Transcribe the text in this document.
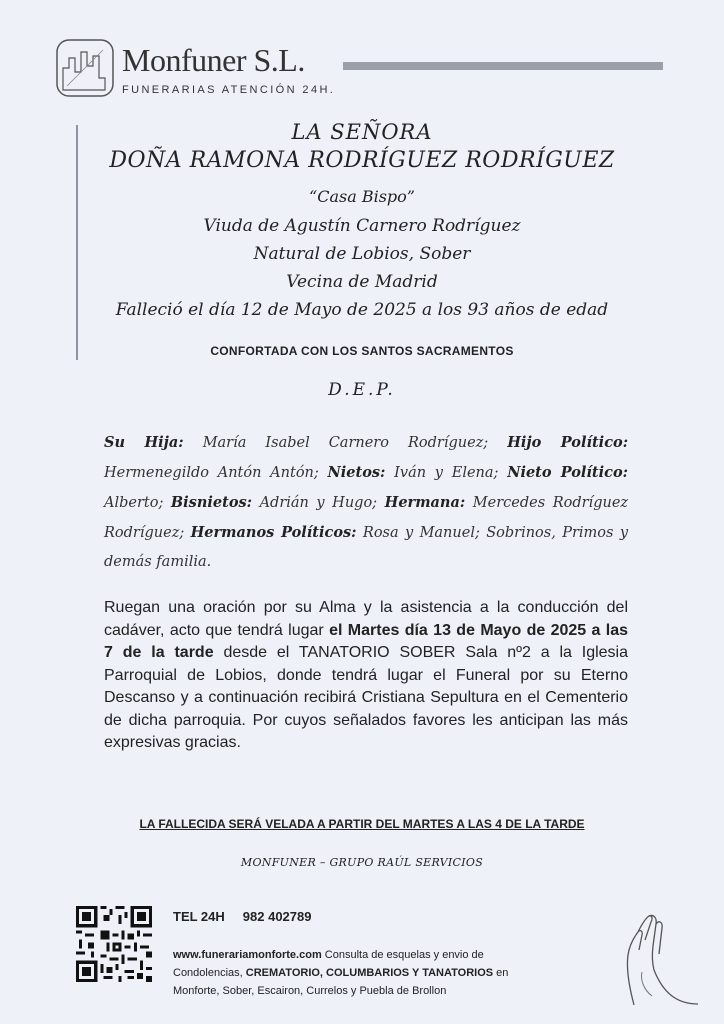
Monfuner S.L.
FUNERARIAS ATENCIÓN 24H.
LA SEÑORA
DOÑA RAMONA RODRÍGUEZ RODRÍGUEZ
“Casa Bispo”
Viuda de Agustín Carnero Rodríguez
Natural de Lobios, Sober
Vecina de Madrid
Falleció el día 12 de Mayo de 2025 a los 93 años de edad
CONFORTADA CON LOS SANTOS SACRAMENTOS
D.E.P.
Su Hija: María Isabel Carnero Rodríguez; Hijo Político: Hermenegildo Antón Antón; Nietos: Iván y Elena; Nieto Político: Alberto; Bisnietos: Adrián y Hugo; Hermana: Mercedes Rodríguez Rodríguez; Hermanos Políticos: Rosa y Manuel; Sobrinos, Primos y demás familia.
Ruegan una oración por su Alma y la asistencia a la conducción del cadáver, acto que tendrá lugar el Martes día 13 de Mayo de 2025 a las 7 de la tarde desde el TANATORIO SOBER Sala nº2 a la Iglesia Parroquial de Lobios, donde tendrá lugar el Funeral por su Eterno Descanso y a continuación recibirá Cristiana Sepultura en el Cementerio de dicha parroquia. Por cuyos señalados favores les anticipan las más expresivas gracias.
LA FALLECIDA SERÁ VELADA A PARTIR DEL MARTES A LAS 4 DE LA TARDE
MONFUNER – GRUPO RAÚL SERVICIOS
TEL 24H 982 402789
www.funerariamonforte.com Consulta de esquelas y envio de
Condolencias, CREMATORIO, COLUMBARIOS Y TANATORIOS en
Monforte, Sober, Escairon, Currelos y Puebla de Brollon
